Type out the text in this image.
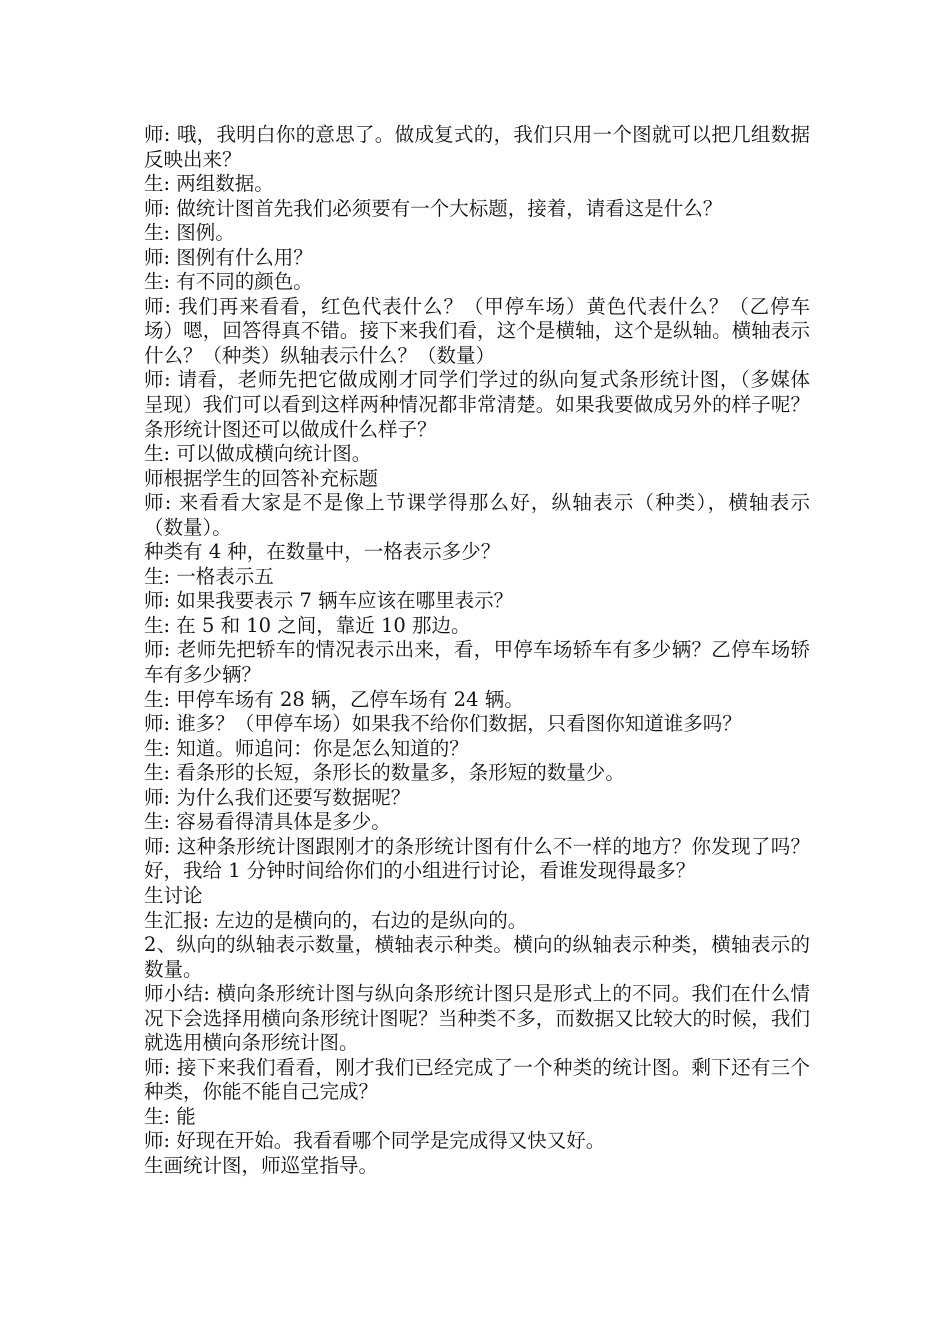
师: 哦，我明白你的意思了。做成复式的，我们只用一个图就可以把几组数据反映出来？

生: 两组数据。

师: 做统计图首先我们必须要有一个大标题，接着，请看这是什么？

生: 图例。

师: 图例有什么用？

生: 有不同的颜色。

师: 我们再来看看，红色代表什么？（甲停车场）黄色代表什么？（乙停车场）嗯，回答得真不错。接下来我们看，这个是横轴，这个是纵轴。横轴表示什么？（种类）纵轴表示什么？（数量）

师: 请看，老师先把它做成刚才同学们学过的纵向复式条形统计图，（多媒体呈现）我们可以看到这样两种情况都非常清楚。如果我要做成另外的样子呢？条形统计图还可以做成什么样子？

生: 可以做成横向统计图。

师根据学生的回答补充标题

师: 来看看大家是不是像上节课学得那么好，纵轴表示（种类），横轴表示（数量）。

种类有 4 种，在数量中，一格表示多少？

生: 一格表示五

师: 如果我要表示 7 辆车应该在哪里表示？

生: 在 5 和 10 之间，靠近 10 那边。

师: 老师先把轿车的情况表示出来，看，甲停车场轿车有多少辆？乙停车场轿车有多少辆？

生: 甲停车场有 28 辆，乙停车场有 24 辆。

师: 谁多？（甲停车场）如果我不给你们数据，只看图你知道谁多吗？

生: 知道。师追问：你是怎么知道的？

生: 看条形的长短，条形长的数量多，条形短的数量少。

师: 为什么我们还要写数据呢？

生: 容易看得清具体是多少。

师: 这种条形统计图跟刚才的条形统计图有什么不一样的地方？你发现了吗？好，我给 1 分钟时间给你们的小组进行讨论，看谁发现得最多？

生讨论

生汇报: 左边的是横向的，右边的是纵向的。

2、纵向的纵轴表示数量，横轴表示种类。横向的纵轴表示种类，横轴表示的数量。

师小结: 横向条形统计图与纵向条形统计图只是形式上的不同。我们在什么情况下会选择用横向条形统计图呢？当种类不多，而数据又比较大的时候，我们就选用横向条形统计图。

师: 接下来我们看看，刚才我们已经完成了一个种类的统计图。剩下还有三个种类，你能不能自己完成？

生: 能

师: 好现在开始。我看看哪个同学是完成得又快又好。

生画统计图，师巡堂指导。
